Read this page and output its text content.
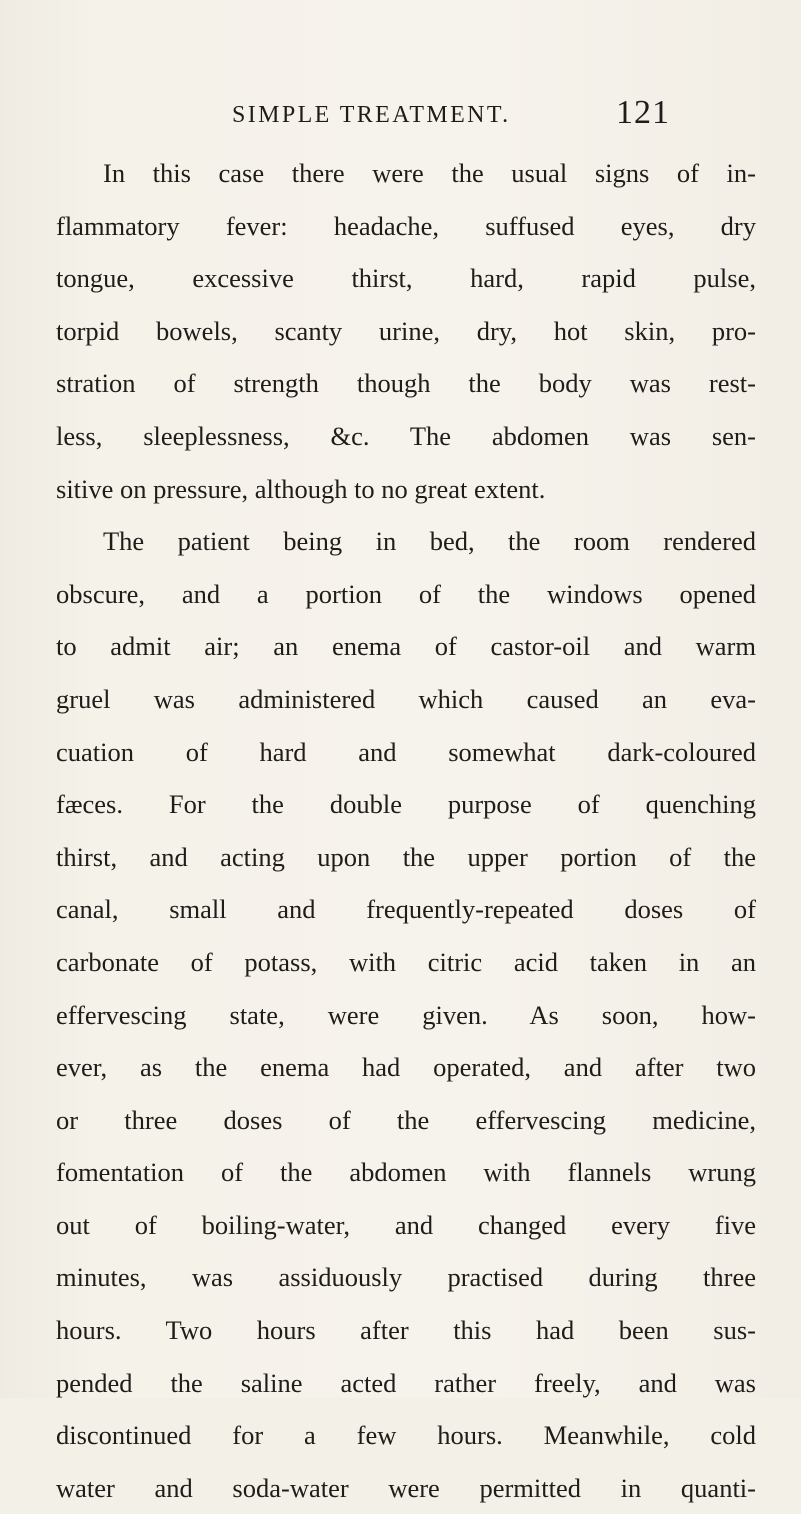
SIMPLE TREATMENT.	121
In this case there were the usual signs of in-
flammatory fever: headache, suffused eyes, dry
tongue, excessive thirst, hard, rapid pulse,
torpid bowels, scanty urine, dry, hot skin, pro-
stration of strength though the body was rest-
less, sleeplessness, &c. The abdomen was sen-
sitive on pressure, although to no great extent.
The patient being in bed, the room rendered
obscure, and a portion of the windows opened
to admit air; an enema of castor-oil and warm
gruel was administered which caused an eva-
cuation of hard and somewhat dark-coloured
fæces. For the double purpose of quenching
thirst, and acting upon the upper portion of the
canal, small and frequently-repeated doses of
carbonate of potass, with citric acid taken in an
effervescing state, were given. As soon, how-
ever, as the enema had operated, and after two
or three doses of the effervescing medicine,
fomentation of the abdomen with flannels wrung
out of boiling-water, and changed every five
minutes, was assiduously practised during three
hours. Two hours after this had been sus-
pended the saline acted rather freely, and was
discontinued for a few hours. Meanwhile, cold
water and soda-water were permitted in quanti-
